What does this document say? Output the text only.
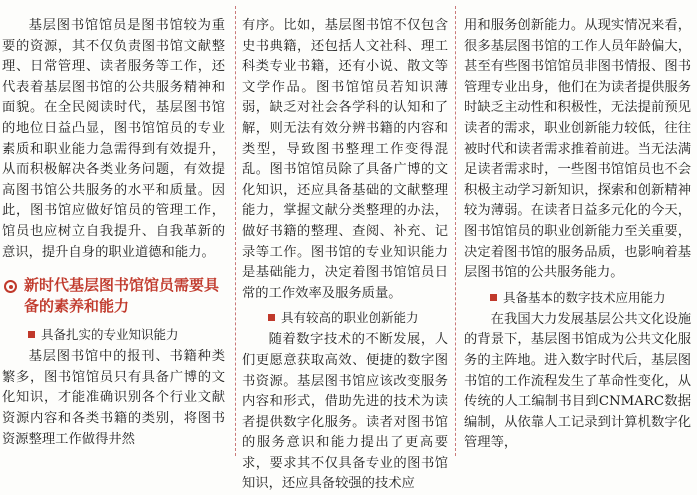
基层图书馆馆员是图书馆较为重要的资源，其不仅负责图书馆文献整理、日常管理、读者服务等工作，还代表着基层图书馆的公共服务精神和面貌。在全民阅读时代，基层图书馆的地位日益凸显，图书馆馆员的专业素质和职业能力急需得到有效提升，从而积极解决各类业务问题，有效提高图书馆公共服务的水平和质量。因此，图书馆应做好馆员的管理工作，馆员也应树立自我提升、自我革新的意识，提升自身的职业道德和能力。

新时代基层图书馆馆员需要具备的素养和能力
具备扎实的专业知识能力

基层图书馆中的报刊、书籍种类繁多，图书馆馆员只有具备广博的文化知识，才能准确识别各个行业文献资源内容和各类书籍的类别，将图书资源整理工作做得井然

有序。比如，基层图书馆不仅包含史书典籍，还包括人文社科、理工科类专业书籍，还有小说、散文等文学作品。图书馆馆员若知识薄弱，缺乏对社会各学科的认知和了解，则无法有效分辨书籍的内容和类型，导致图书整理工作变得混乱。图书馆馆员除了具备广博的文化知识，还应具备基础的文献整理能力，掌握文献分类整理的办法，做好书籍的整理、查阅、补充、记录等工作。图书馆的专业知识能力是基础能力，决定着图书馆馆员日常的工作效率及服务质量。

具有较高的职业创新能力

随着数字技术的不断发展，人们更愿意获取高效、便捷的数字图书资源。基层图书馆应该改变服务内容和形式，借助先进的技术为读者提供数字化服务。读者对图书馆的服务意识和能力提出了更高要求，要求其不仅具备专业的图书馆知识，还应具备较强的技术应

用和服务创新能力。从现实情况来看，很多基层图书馆的工作人员年龄偏大，甚至有些图书馆馆员非图书情报、图书管理专业出身，他们在为读者提供服务时缺乏主动性和积极性，无法提前预见读者的需求，职业创新能力较低，往往被时代和读者需求推着前进。当无法满足读者需求时，一些图书馆馆员也不会积极主动学习新知识，探索和创新精神较为薄弱。在读者日益多元化的今天，图书馆馆员的职业创新能力至关重要，决定着图书馆的服务品质，也影响着基层图书馆的公共服务能力。

具备基本的数字技术应用能力

在我国大力发展基层公共文化设施的背景下，基层图书馆成为公共文化服务的主阵地。进入数字时代后，基层图书馆的工作流程发生了革命性变化，从传统的人工编制书目到CNMARC数据编制，从依靠人工记录到计算机数字化管理等，
